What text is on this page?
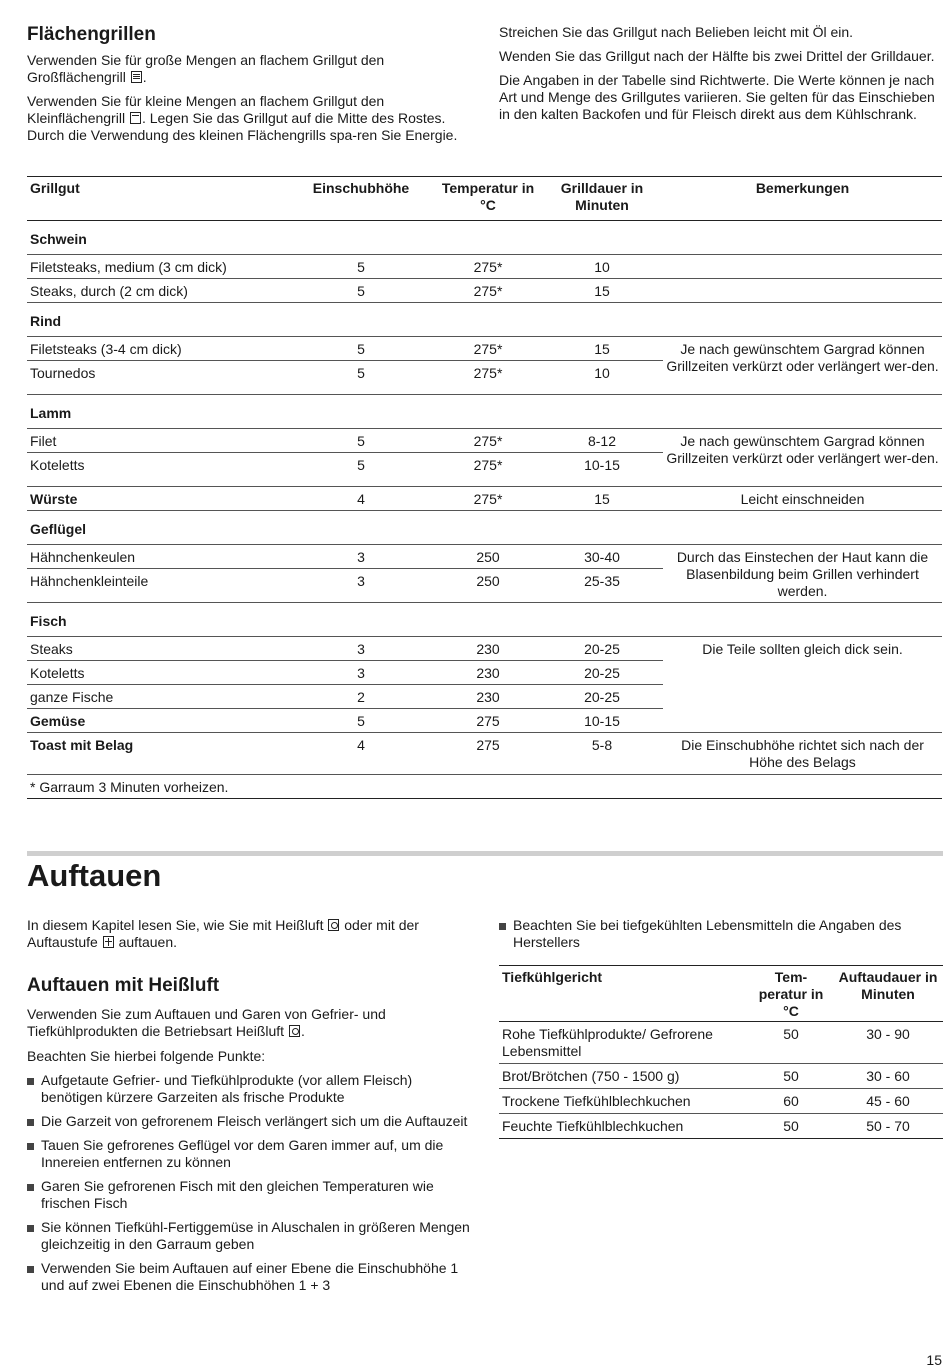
Flächengrillen

Verwenden Sie für große Mengen an flachem Grillgut den Großflächengrill .

Verwenden Sie für kleine Mengen an flachem Grillgut den Kleinflächengrill . Legen Sie das Grillgut auf die Mitte des Rostes. Durch die Verwendung des kleinen Flächengrills spa-ren Sie Energie.

Streichen Sie das Grillgut nach Belieben leicht mit Öl ein.

Wenden Sie das Grillgut nach der Hälfte bis zwei Drittel der Grilldauer.

Die Angaben in der Tabelle sind Richtwerte. Die Werte können je nach Art und Menge des Grillgutes variieren. Sie gelten für das Einschieben in den kalten Backofen und für Fleisch direkt aus dem Kühlschrank.

Grillgut	Einschubhöhe	Temperatur in °C	Grilldauer in Minuten	Bemerkungen
Schwein				
Filetsteaks, medium (3 cm dick)	5	275*	10	
Steaks, durch (2 cm dick)	5	275*	15	
Rind				
Filetsteaks (3-4 cm dick)	5	275*	15	Je nach gewünschtem Gargrad können Grillzeiten verkürzt oder verlängert wer-den.
Tournedos	5	275*	10	
Lamm				
Filet	5	275*	8-12	Je nach gewünschtem Gargrad können Grillzeiten verkürzt oder verlängert wer-den.
Koteletts	5	275*	10-15	
Würste	4	275*	15	Leicht einschneiden
Geflügel				
Hähnchenkeulen	3	250	30-40	Durch das Einstechen der Haut kann die Blasenbildung beim Grillen verhindert werden.
Hähnchenkleinteile	3	250	25-35	
Fisch				
Steaks	3	230	20-25	Die Teile sollten gleich dick sein.
Koteletts	3	230	20-25	
ganze Fische	2	230	20-25	
Gemüse	5	275	10-15	
Toast mit Belag	4	275	5-8	Die Einschubhöhe richtet sich nach der Höhe des Belags
* Garraum 3 Minuten vorheizen.				
Auftauen

In diesem Kapitel lesen Sie, wie Sie mit Heißluft oder mit der Auftaustufe auftauen.

Auftauen mit Heißluft

Verwenden Sie zum Auftauen und Garen von Gefrier- und Tiefkühlprodukten die Betriebsart Heißluft .

Beachten Sie hierbei folgende Punkte:

Aufgetaute Gefrier- und Tiefkühlprodukte (vor allem Fleisch) benötigen kürzere Garzeiten als frische Produkte
Die Garzeit von gefrorenem Fleisch verlängert sich um die Auftauzeit
Tauen Sie gefrorenes Geflügel vor dem Garen immer auf, um die Innereien entfernen zu können
Garen Sie gefrorenen Fisch mit den gleichen Temperaturen wie frischen Fisch
Sie können Tiefkühl-Fertiggemüse in Aluschalen in größeren Mengen gleichzeitig in den Garraum geben
Verwenden Sie beim Auftauen auf einer Ebene die Einschubhöhe 1 und auf zwei Ebenen die Einschubhöhen 1 + 3
Beachten Sie bei tiefgekühlten Lebensmitteln die Angaben des Herstellers
Tiefkühlgericht	Tem-peratur in °C	Auftaudauer in Minuten
Rohe Tiefkühlprodukte/ Gefrorene Lebensmittel	50	30 - 90
Brot/Brötchen (750 - 1500 g)	50	30 - 60
Trockene Tiefkühlblechkuchen	60	45 - 60
Feuchte Tiefkühlblechkuchen	50	50 - 70
15
